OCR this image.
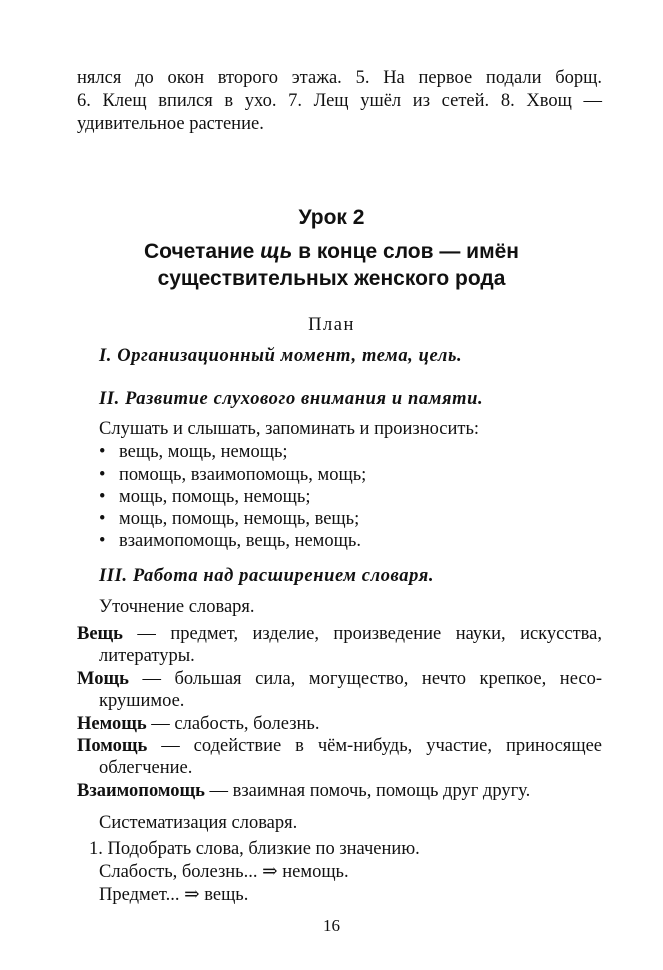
нялся до окон второго этажа. 5. На первое подали борщ.
6. Клещ впился в ухо. 7. Лещ ушёл из сетей. 8. Хвощ —
удивительное растение.
Урок 2
Сочетание щь в конце слов — имён
существительных женского рода
План
I. Организационный момент, тема, цель.
II. Развитие слухового внимания и памяти.
Слушать и слышать, запоминать и произносить:
• вещь, мощь, немощь;
• помощь, взаимопомощь, мощь;
• мощь, помощь, немощь;
• мощь, помощь, немощь, вещь;
• взаимопомощь, вещь, немощь.
III. Работа над расширением словаря.
Уточнение словаря.
Вещь — предмет, изделие, произведение науки, искусства,
литературы.
Мощь — большая сила, могущество, нечто крепкое, несо-
крушимое.
Немощь — слабость, болезнь.
Помощь — содействие в чём-нибудь, участие, приносящее
облегчение.
Взаимопомощь — взаимная помочь, помощь друг другу.
Систематизация словаря.
1. Подобрать слова, близкие по значению.
Слабость, болезнь... ⇒ немощь.
Предмет... ⇒ вещь.
16
